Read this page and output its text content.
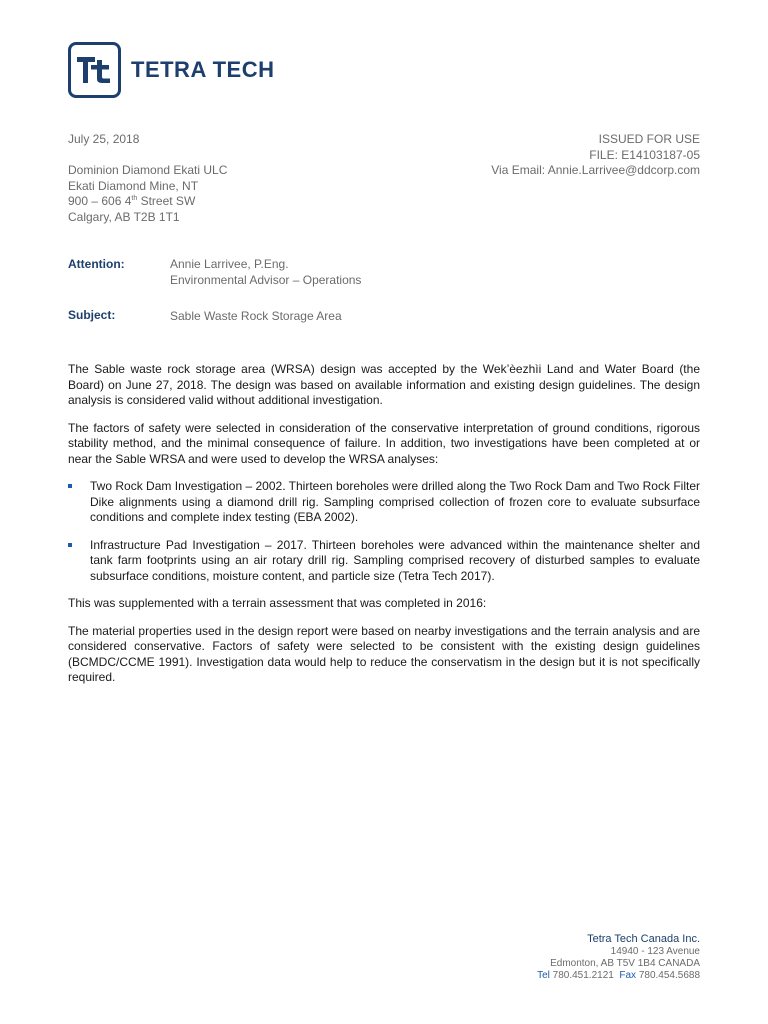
TETRA TECH
July 25, 2018	ISSUED FOR USE
FILE: E14103187-05
Via Email: Annie.Larrivee@ddcorp.com
Dominion Diamond Ekati ULC
Ekati Diamond Mine, NT
900 – 606 4th Street SW
Calgary, AB T2B 1T1
Attention:	Annie Larrivee, P.Eng.
Environmental Advisor – Operations
Subject:	Sable Waste Rock Storage Area

The Sable waste rock storage area (WRSA) design was accepted by the Wek’èezhìi Land and Water Board (the Board) on June 27, 2018. The design was based on available information and existing design guidelines. The design analysis is considered valid without additional investigation.

The factors of safety were selected in consideration of the conservative interpretation of ground conditions, rigorous stability method, and the minimal consequence of failure. In addition, two investigations have been completed at or near the Sable WRSA and were used to develop the WRSA analyses:

Two Rock Dam Investigation – 2002. Thirteen boreholes were drilled along the Two Rock Dam and Two Rock Filter Dike alignments using a diamond drill rig. Sampling comprised collection of frozen core to evaluate subsurface conditions and complete index testing (EBA 2002).
Infrastructure Pad Investigation – 2017. Thirteen boreholes were advanced within the maintenance shelter and tank farm footprints using an air rotary drill rig. Sampling comprised recovery of disturbed samples to evaluate subsurface conditions, moisture content, and particle size (Tetra Tech 2017).

This was supplemented with a terrain assessment that was completed in 2016:

The material properties used in the design report were based on nearby investigations and the terrain analysis and are considered conservative. Factors of safety were selected to be consistent with the existing design guidelines (BCMDC/CCME 1991). Investigation data would help to reduce the conservatism in the design but it is not specifically required.

Tetra Tech Canada Inc.
14940 - 123 Avenue
Edmonton, AB T5V 1B4 CANADA
Tel 780.451.2121 Fax 780.454.5688
